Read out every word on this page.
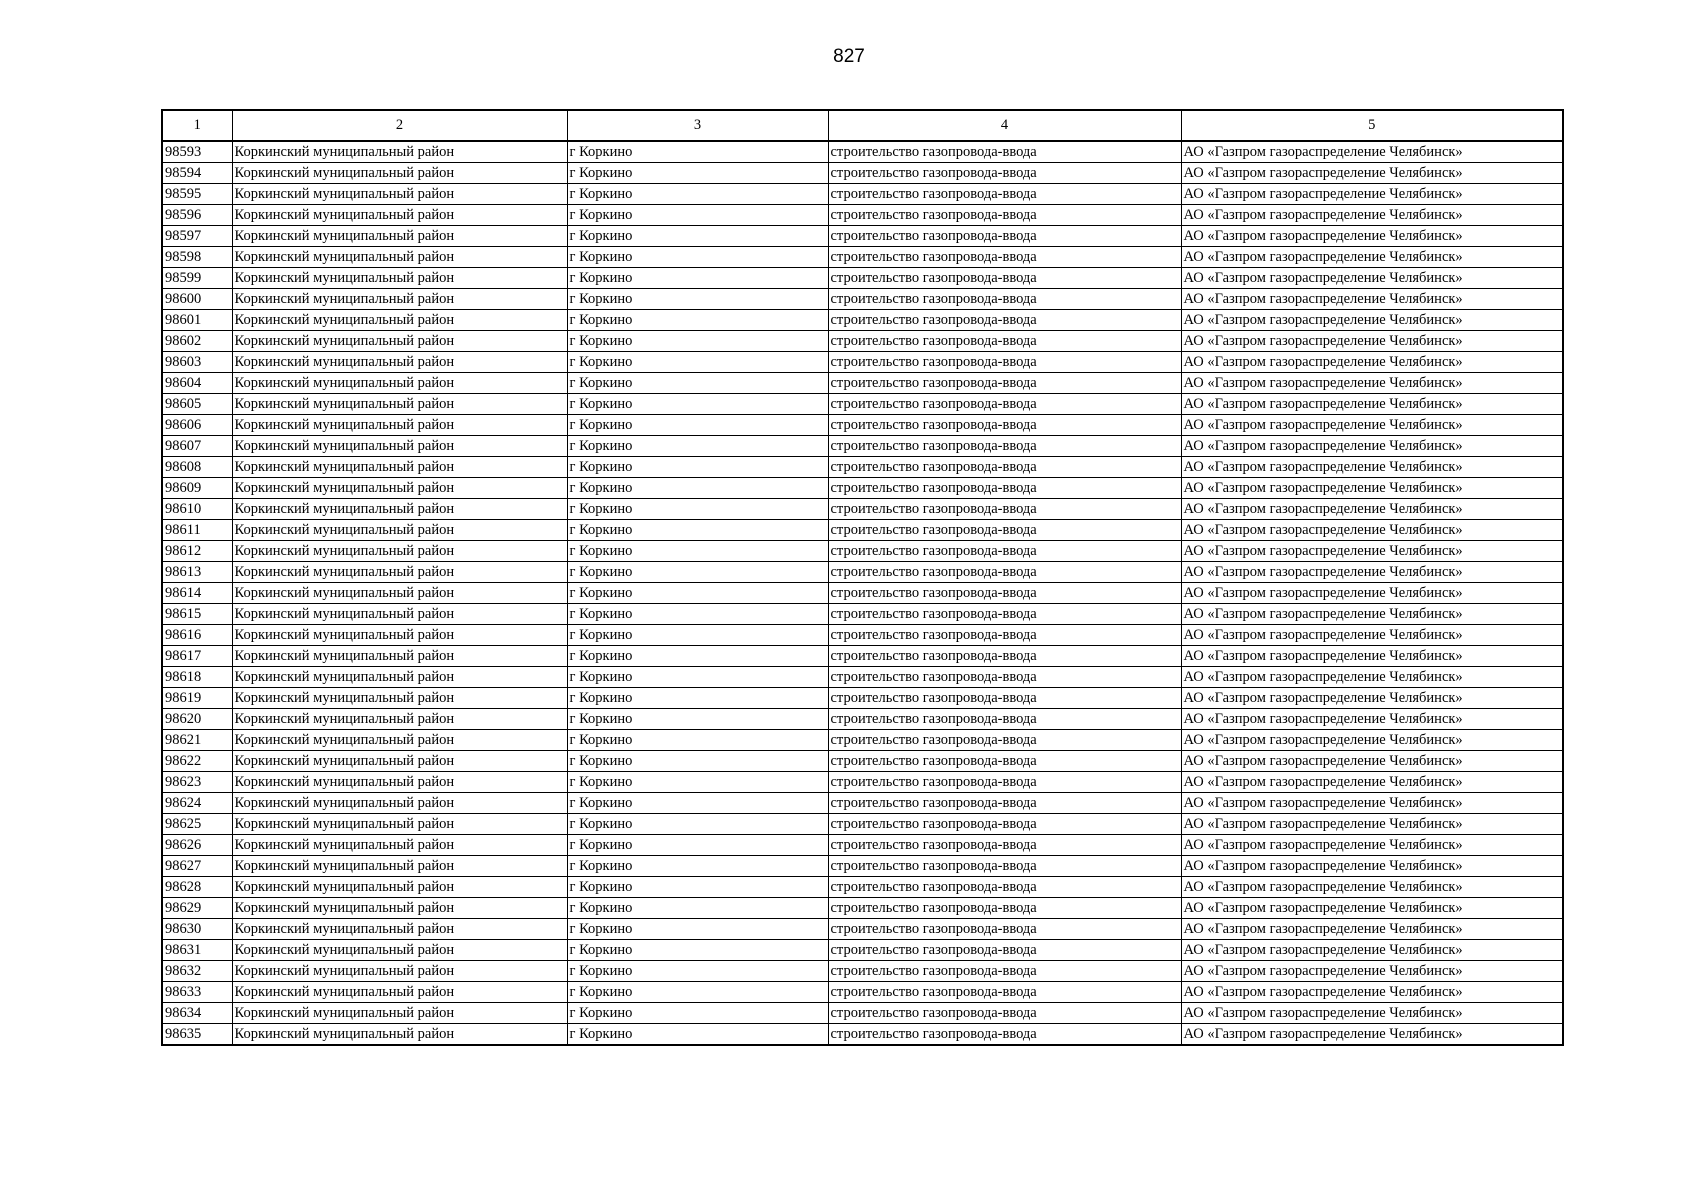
827
1	2	3	4	5
98593	Коркинский муниципальный район	г Коркино	строительство газопровода-ввода	АО «Газпром газораспределение Челябинск»
98594	Коркинский муниципальный район	г Коркино	строительство газопровода-ввода	АО «Газпром газораспределение Челябинск»
98595	Коркинский муниципальный район	г Коркино	строительство газопровода-ввода	АО «Газпром газораспределение Челябинск»
98596	Коркинский муниципальный район	г Коркино	строительство газопровода-ввода	АО «Газпром газораспределение Челябинск»
98597	Коркинский муниципальный район	г Коркино	строительство газопровода-ввода	АО «Газпром газораспределение Челябинск»
98598	Коркинский муниципальный район	г Коркино	строительство газопровода-ввода	АО «Газпром газораспределение Челябинск»
98599	Коркинский муниципальный район	г Коркино	строительство газопровода-ввода	АО «Газпром газораспределение Челябинск»
98600	Коркинский муниципальный район	г Коркино	строительство газопровода-ввода	АО «Газпром газораспределение Челябинск»
98601	Коркинский муниципальный район	г Коркино	строительство газопровода-ввода	АО «Газпром газораспределение Челябинск»
98602	Коркинский муниципальный район	г Коркино	строительство газопровода-ввода	АО «Газпром газораспределение Челябинск»
98603	Коркинский муниципальный район	г Коркино	строительство газопровода-ввода	АО «Газпром газораспределение Челябинск»
98604	Коркинский муниципальный район	г Коркино	строительство газопровода-ввода	АО «Газпром газораспределение Челябинск»
98605	Коркинский муниципальный район	г Коркино	строительство газопровода-ввода	АО «Газпром газораспределение Челябинск»
98606	Коркинский муниципальный район	г Коркино	строительство газопровода-ввода	АО «Газпром газораспределение Челябинск»
98607	Коркинский муниципальный район	г Коркино	строительство газопровода-ввода	АО «Газпром газораспределение Челябинск»
98608	Коркинский муниципальный район	г Коркино	строительство газопровода-ввода	АО «Газпром газораспределение Челябинск»
98609	Коркинский муниципальный район	г Коркино	строительство газопровода-ввода	АО «Газпром газораспределение Челябинск»
98610	Коркинский муниципальный район	г Коркино	строительство газопровода-ввода	АО «Газпром газораспределение Челябинск»
98611	Коркинский муниципальный район	г Коркино	строительство газопровода-ввода	АО «Газпром газораспределение Челябинск»
98612	Коркинский муниципальный район	г Коркино	строительство газопровода-ввода	АО «Газпром газораспределение Челябинск»
98613	Коркинский муниципальный район	г Коркино	строительство газопровода-ввода	АО «Газпром газораспределение Челябинск»
98614	Коркинский муниципальный район	г Коркино	строительство газопровода-ввода	АО «Газпром газораспределение Челябинск»
98615	Коркинский муниципальный район	г Коркино	строительство газопровода-ввода	АО «Газпром газораспределение Челябинск»
98616	Коркинский муниципальный район	г Коркино	строительство газопровода-ввода	АО «Газпром газораспределение Челябинск»
98617	Коркинский муниципальный район	г Коркино	строительство газопровода-ввода	АО «Газпром газораспределение Челябинск»
98618	Коркинский муниципальный район	г Коркино	строительство газопровода-ввода	АО «Газпром газораспределение Челябинск»
98619	Коркинский муниципальный район	г Коркино	строительство газопровода-ввода	АО «Газпром газораспределение Челябинск»
98620	Коркинский муниципальный район	г Коркино	строительство газопровода-ввода	АО «Газпром газораспределение Челябинск»
98621	Коркинский муниципальный район	г Коркино	строительство газопровода-ввода	АО «Газпром газораспределение Челябинск»
98622	Коркинский муниципальный район	г Коркино	строительство газопровода-ввода	АО «Газпром газораспределение Челябинск»
98623	Коркинский муниципальный район	г Коркино	строительство газопровода-ввода	АО «Газпром газораспределение Челябинск»
98624	Коркинский муниципальный район	г Коркино	строительство газопровода-ввода	АО «Газпром газораспределение Челябинск»
98625	Коркинский муниципальный район	г Коркино	строительство газопровода-ввода	АО «Газпром газораспределение Челябинск»
98626	Коркинский муниципальный район	г Коркино	строительство газопровода-ввода	АО «Газпром газораспределение Челябинск»
98627	Коркинский муниципальный район	г Коркино	строительство газопровода-ввода	АО «Газпром газораспределение Челябинск»
98628	Коркинский муниципальный район	г Коркино	строительство газопровода-ввода	АО «Газпром газораспределение Челябинск»
98629	Коркинский муниципальный район	г Коркино	строительство газопровода-ввода	АО «Газпром газораспределение Челябинск»
98630	Коркинский муниципальный район	г Коркино	строительство газопровода-ввода	АО «Газпром газораспределение Челябинск»
98631	Коркинский муниципальный район	г Коркино	строительство газопровода-ввода	АО «Газпром газораспределение Челябинск»
98632	Коркинский муниципальный район	г Коркино	строительство газопровода-ввода	АО «Газпром газораспределение Челябинск»
98633	Коркинский муниципальный район	г Коркино	строительство газопровода-ввода	АО «Газпром газораспределение Челябинск»
98634	Коркинский муниципальный район	г Коркино	строительство газопровода-ввода	АО «Газпром газораспределение Челябинск»
98635	Коркинский муниципальный район	г Коркино	строительство газопровода-ввода	АО «Газпром газораспределение Челябинск»
